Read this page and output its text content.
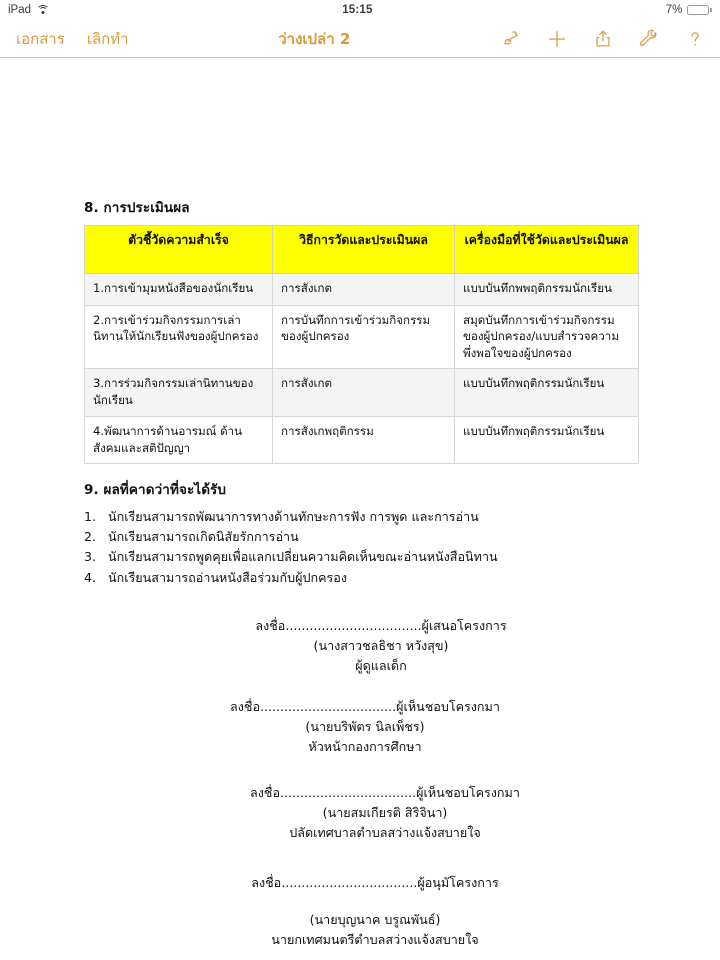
iPad	15:15	7%
เอกสาร เลิกทำ	ว่างเปล่า 2
8. การประเมินผล
ตัวชี้วัดความสำเร็จ	วิธีการวัดและประเมินผล	เครื่องมือที่ใช้วัดและประเมินผล
1.การเข้ามุมหนังสือของนักเรียน	การสังเกต	แบบบันทึกพพฤติกรรมนักเรียน
2.การเข้าร่วมกิจกรรมการเล่านิทานให้นักเรียนฟังของผู้ปกครอง	การบันทึกการเข้าร่วมกิจกรรมของผู้ปกครอง	สมุดบันทึกการเข้าร่วมกิจกรรมของผู้ปกครอง/แบบสำรวจความพึ่งพอใจของผู้ปกครอง
3.การร่วมกิจกรรมเล่านิทานของนักเรียน	การสังเกต	แบบบันทึกพฤติกรรมนักเรียน
4.พัฒนาการด้านอารมณ์ ด้านสังคมและสติปัญญา	การสังเกพฤติกรรม	แบบบันทึกพฤติกรรมนักเรียน
9. ผลที่คาดว่าที่จะได้รับ
1. นักเรียนสามารถพัฒนาการทางด้านทักษะการฟัง การพูด และการอ่าน
2. นักเรียนสามารถเกิดนิสัยรักการอ่าน
3. นักเรียนสามารถพูดคุยเพื่อแลกเปลี่ยนความคิดเห็นขณะอ่านหนังสือนิทาน
4. นักเรียนสามารถอ่านหนังสือร่วมกับผู้ปกครอง
ลงชื่อ..................................ผู้เสนอโครงการ
(นางสาวชลธิชา หวังสุข)
ผู้ดูแลเด็ก
ลงชื่อ..................................ผู้เห็นชอบโครงกมา
(นายบริพัตร นิลเพ็ชร)
หัวหน้ากองการศึกษา
ลงชื่อ..................................ผู้เห็นชอบโครงกมา
(นายสมเกียรติ สิริจินา)
ปลัดเทศบาลตำบลสว่างแจ้งสบายใจ
ลงชื่อ..................................ผู้อนุมัโครงการ
(นายบุญนาค บรูณพันธ์)
นายกเทศมนตรีตำบลสว่างแจ้งสบายใจ
